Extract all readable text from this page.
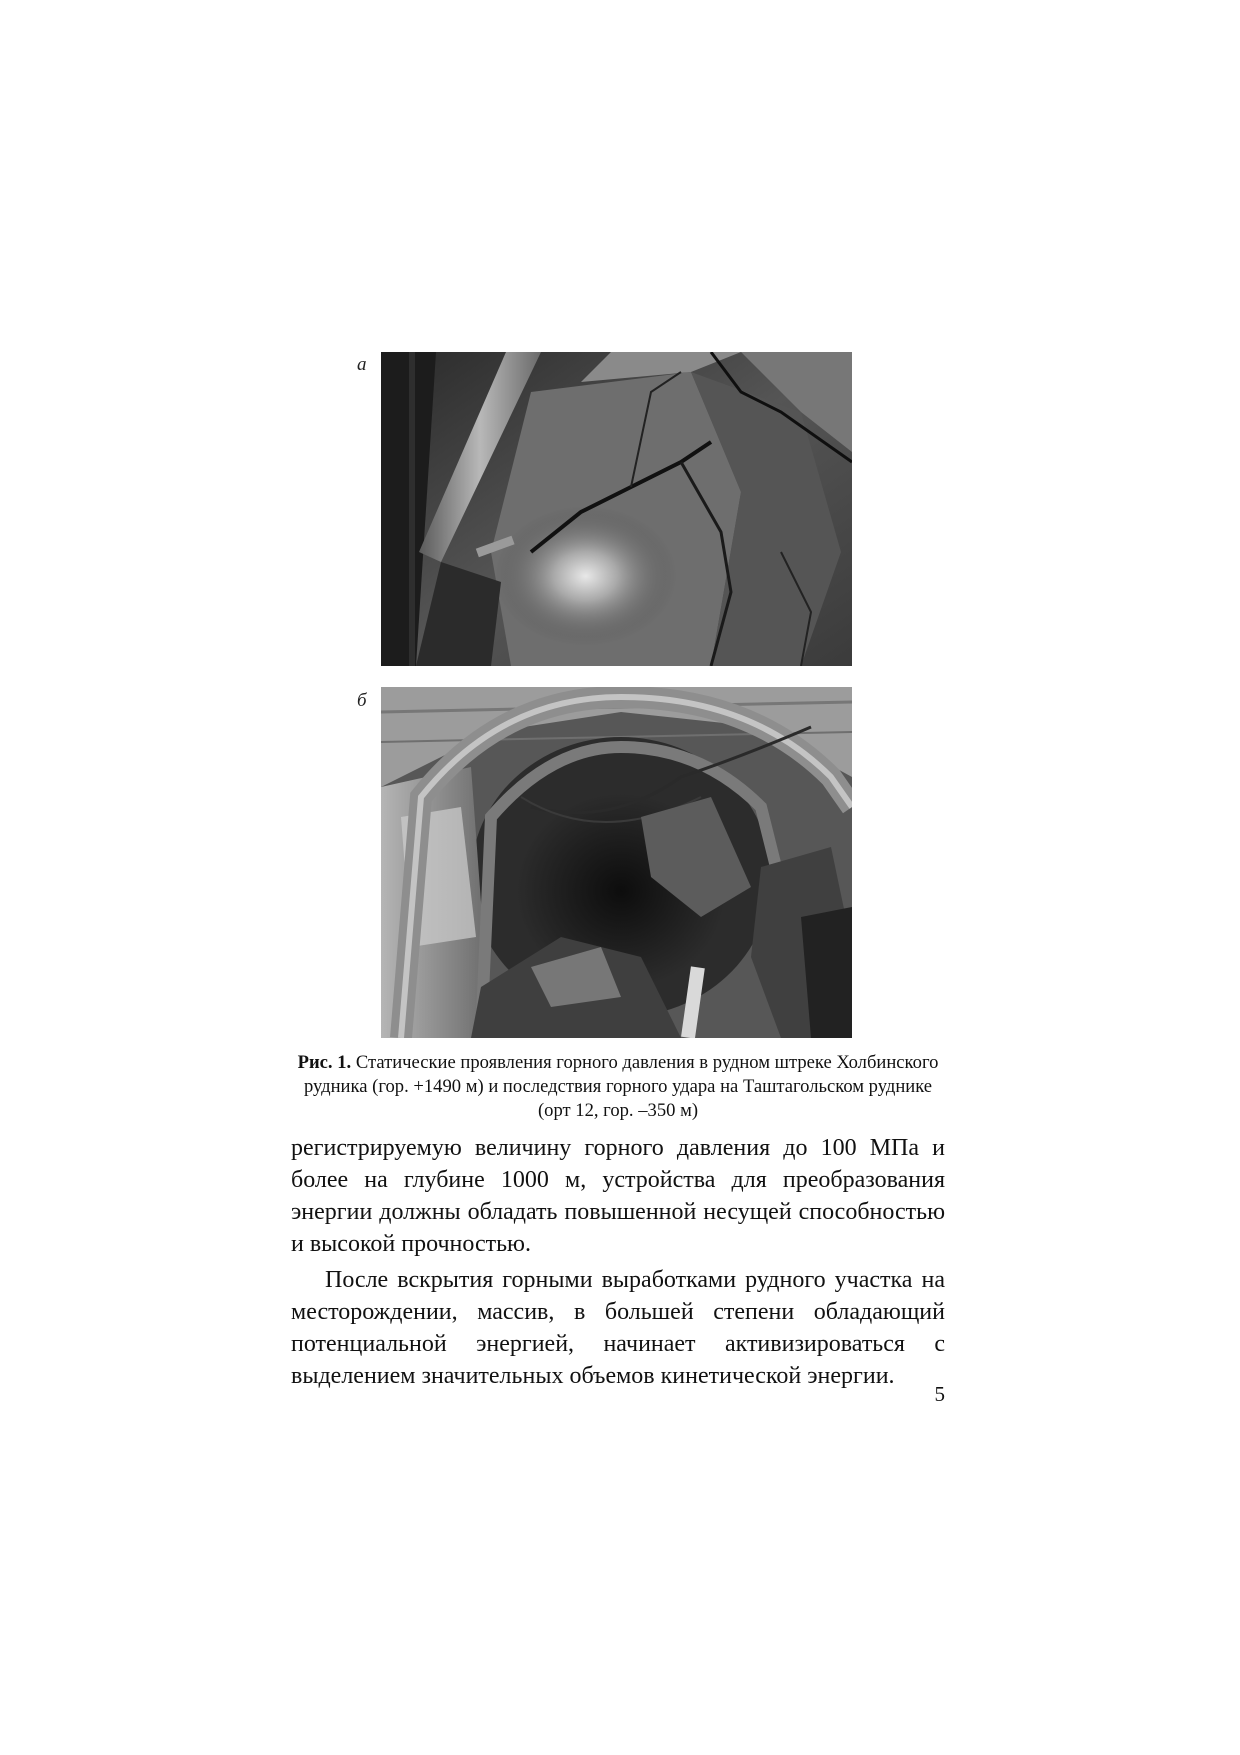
а
б
Рис. 1. Статические проявления горного давления в рудном штреке Холбинского рудника (гор. +1490 м) и последствия горного удара на Таштагольском руднике (орт 12, гор. –350 м)

регистрируемую величину горного давления до 100 МПа и более на глубине 1000 м, устройства для преобразования энергии должны обладать повышенной несущей способностью и высокой прочностью.

После вскрытия горными выработками рудного участка на месторождении, массив, в большей степени обладающий потенциальной энергией, начинает активизироваться с выделением значительных объемов кинетической энергии.

5
